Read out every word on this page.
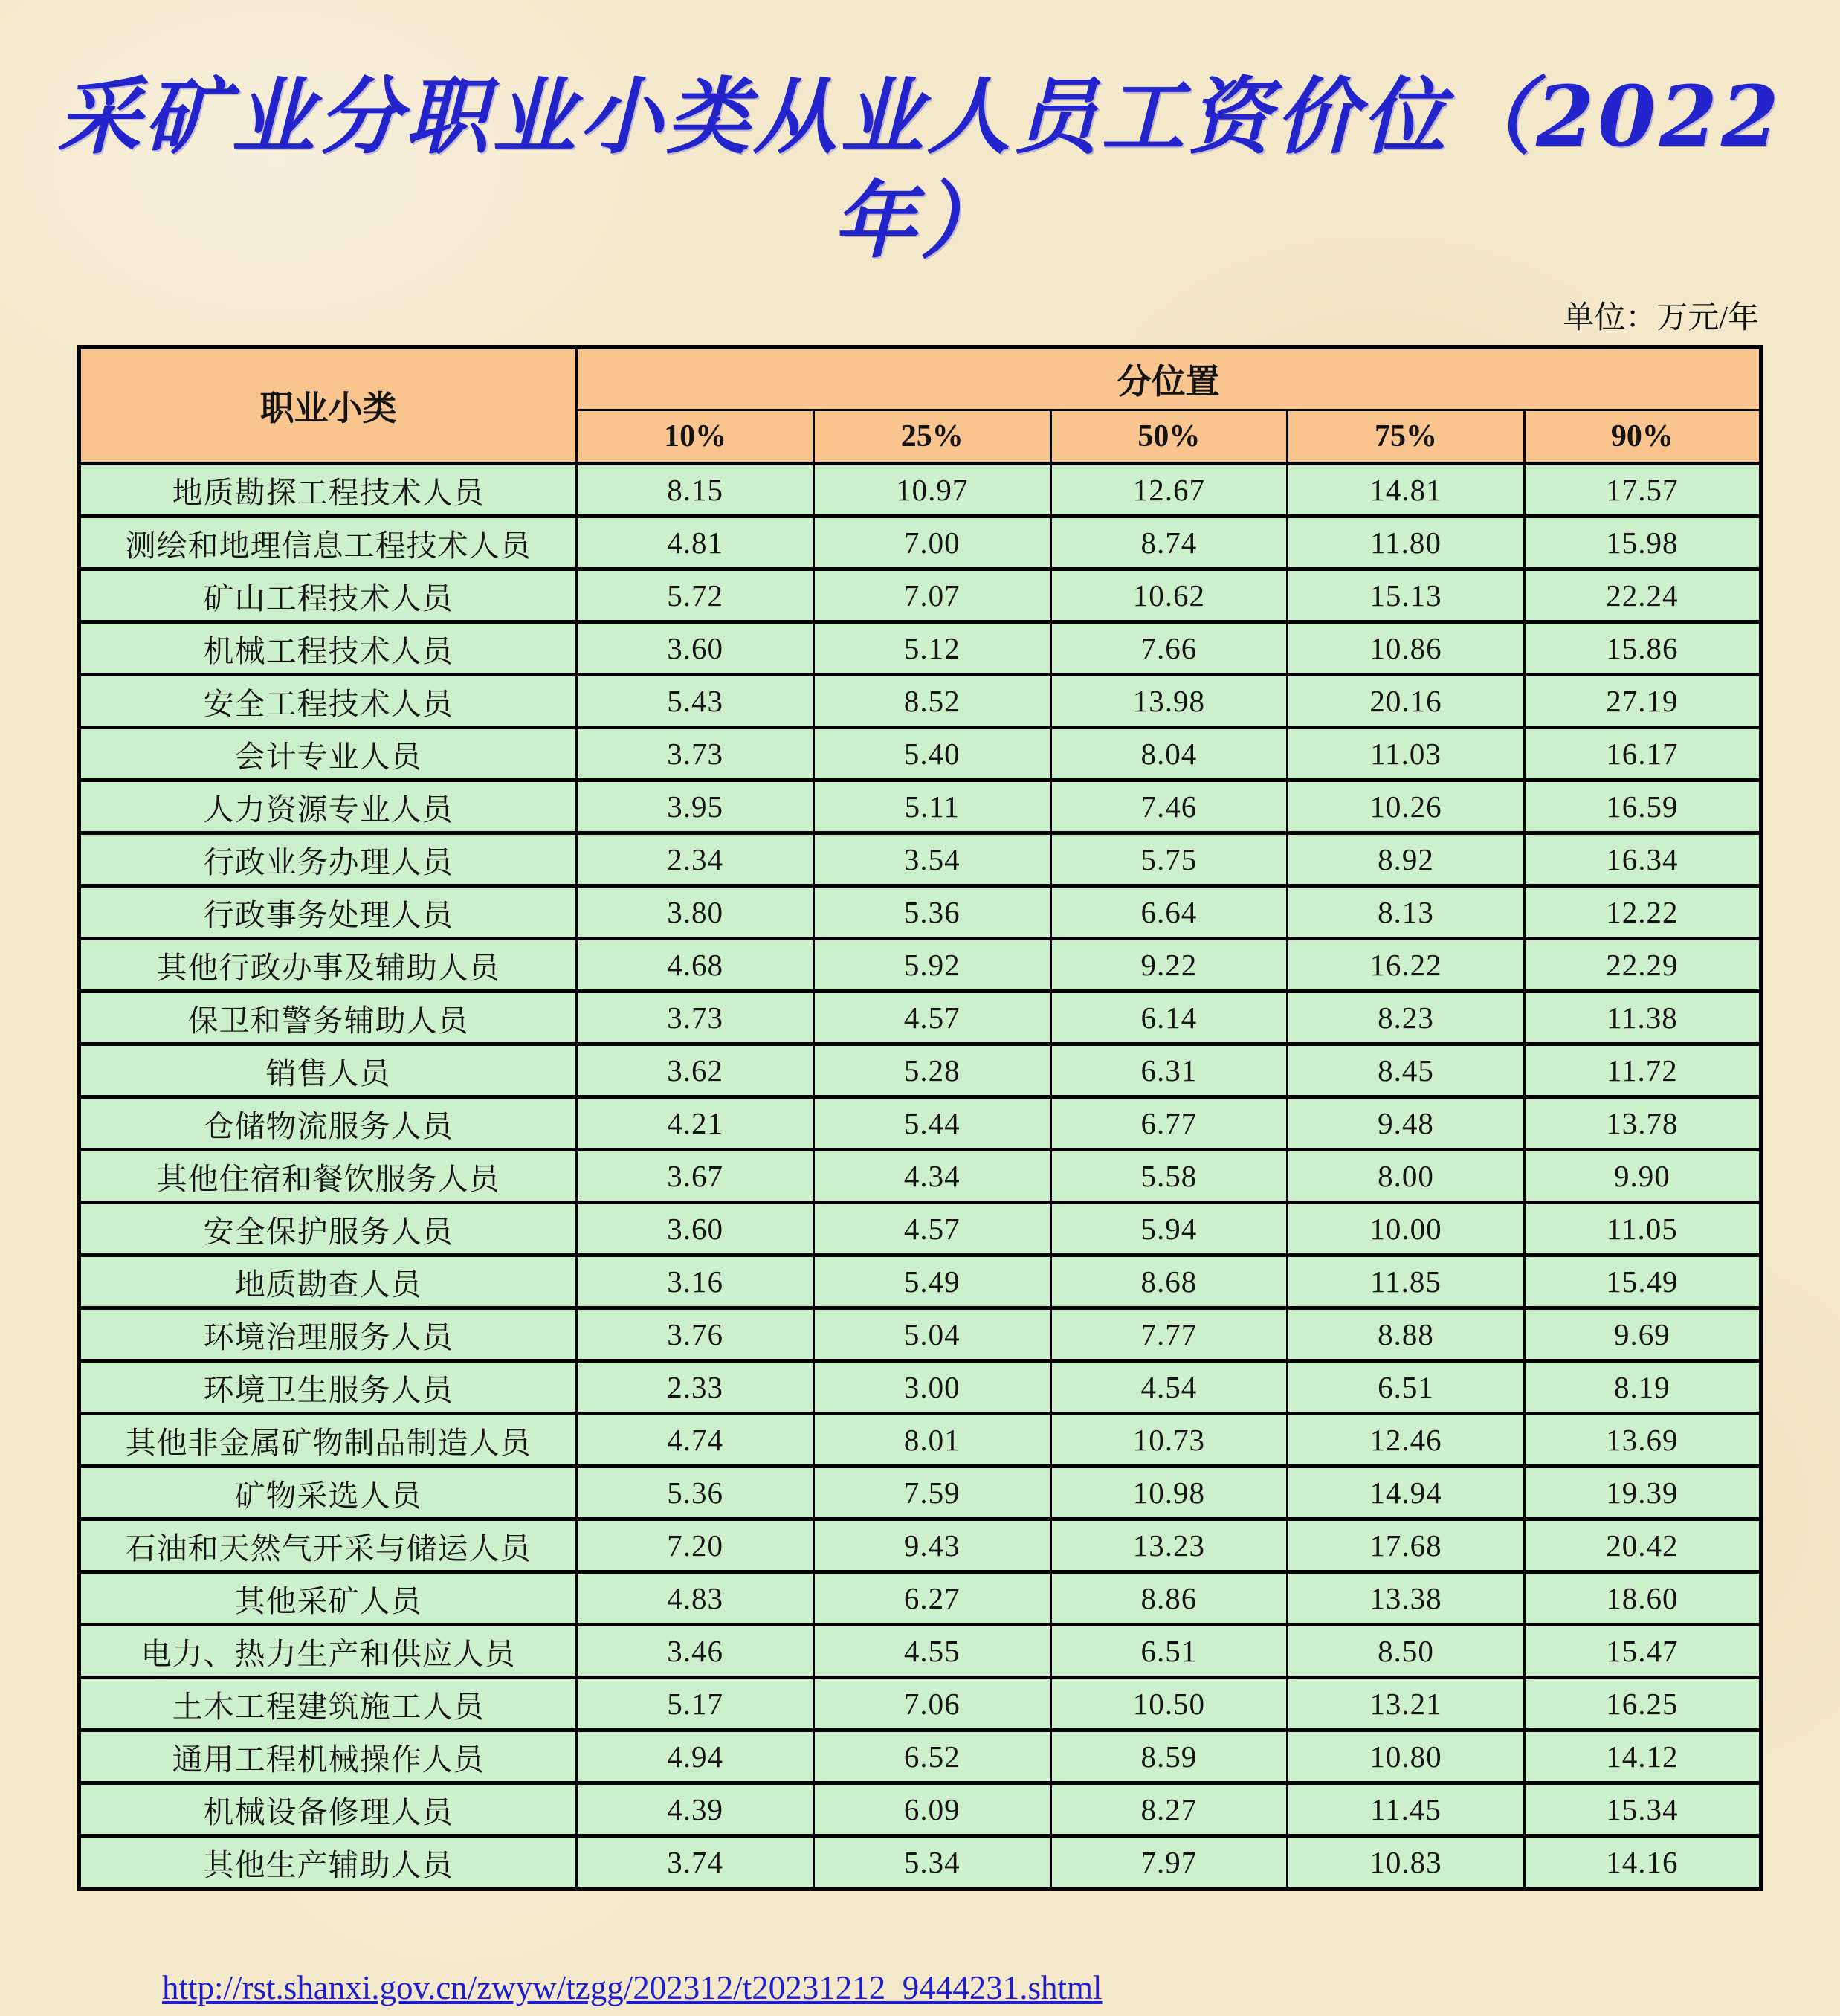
采矿业分职业小类从业人员工资价位（2022年）
单位：万元/年
职业小类	分位置				
	10%	25%	50%	75%	90%
地质勘探工程技术人员	8.15	10.97	12.67	14.81	17.57
测绘和地理信息工程技术人员	4.81	7.00	8.74	11.80	15.98
矿山工程技术人员	5.72	7.07	10.62	15.13	22.24
机械工程技术人员	3.60	5.12	7.66	10.86	15.86
安全工程技术人员	5.43	8.52	13.98	20.16	27.19
会计专业人员	3.73	5.40	8.04	11.03	16.17
人力资源专业人员	3.95	5.11	7.46	10.26	16.59
行政业务办理人员	2.34	3.54	5.75	8.92	16.34
行政事务处理人员	3.80	5.36	6.64	8.13	12.22
其他行政办事及辅助人员	4.68	5.92	9.22	16.22	22.29
保卫和警务辅助人员	3.73	4.57	6.14	8.23	11.38
销售人员	3.62	5.28	6.31	8.45	11.72
仓储物流服务人员	4.21	5.44	6.77	9.48	13.78
其他住宿和餐饮服务人员	3.67	4.34	5.58	8.00	9.90
安全保护服务人员	3.60	4.57	5.94	10.00	11.05
地质勘查人员	3.16	5.49	8.68	11.85	15.49
环境治理服务人员	3.76	5.04	7.77	8.88	9.69
环境卫生服务人员	2.33	3.00	4.54	6.51	8.19
其他非金属矿物制品制造人员	4.74	8.01	10.73	12.46	13.69
矿物采选人员	5.36	7.59	10.98	14.94	19.39
石油和天然气开采与储运人员	7.20	9.43	13.23	17.68	20.42
其他采矿人员	4.83	6.27	8.86	13.38	18.60
电力、热力生产和供应人员	3.46	4.55	6.51	8.50	15.47
土木工程建筑施工人员	5.17	7.06	10.50	13.21	16.25
通用工程机械操作人员	4.94	6.52	8.59	10.80	14.12
机械设备修理人员	4.39	6.09	8.27	11.45	15.34
其他生产辅助人员	3.74	5.34	7.97	10.83	14.16
http://rst.shanxi.gov.cn/zwyw/tzgg/202312/t20231212_9444231.shtml
